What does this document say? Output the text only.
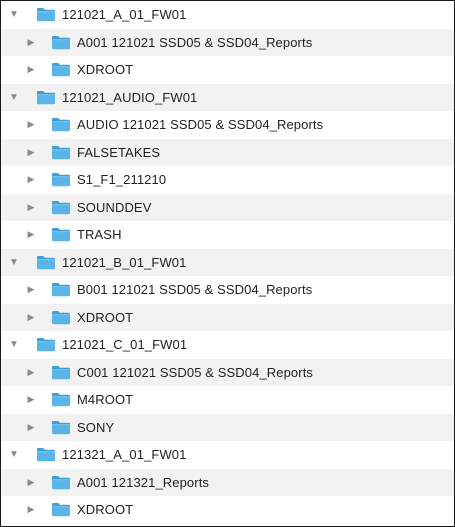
▼	121021_A_01_FW01
▶	A001 121021 SSD05 & SSD04_Reports
▶	XDROOT
▼	121021_AUDIO_FW01
▶	AUDIO 121021 SSD05 & SSD04_Reports
▶	FALSETAKES
▶	S1_F1_211210
▶	SOUNDDEV
▶	TRASH
▼	121021_B_01_FW01
▶	B001 121021 SSD05 & SSD04_Reports
▶	XDROOT
▼	121021_C_01_FW01
▶	C001 121021 SSD05 & SSD04_Reports
▶	M4ROOT
▶	SONY
▼	121321_A_01_FW01
▶	A001 121321_Reports
▶	XDROOT
